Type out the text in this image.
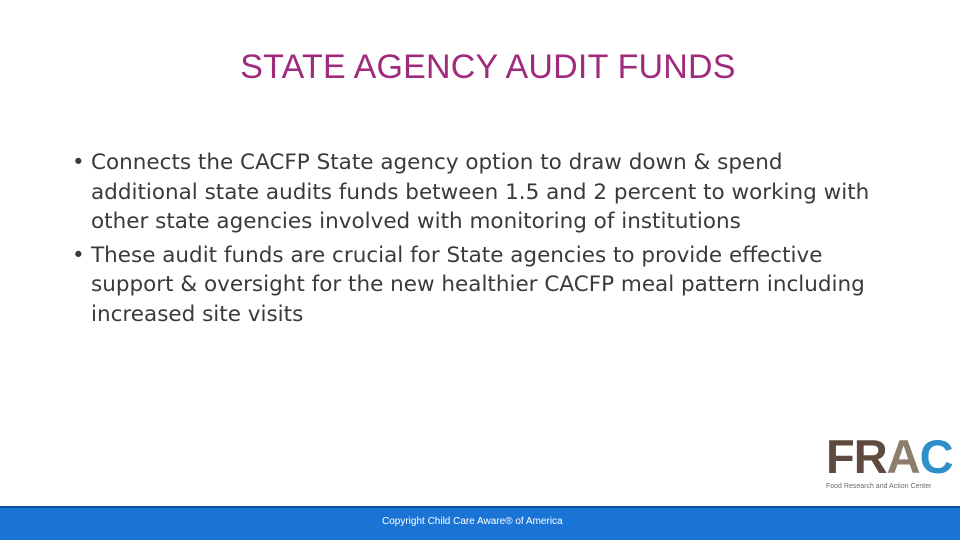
STATE AGENCY AUDIT FUNDS
• Connects the CACFP State agency option to draw down & spend additional state audits funds between 1.5 and 2 percent to working with other state agencies involved with monitoring of institutions
• These audit funds are crucial for State agencies to provide effective support & oversight for the new healthier CACFP meal pattern including increased site visits
FRAC
Food Research and Action Center
Copyright Child Care Aware® of America
